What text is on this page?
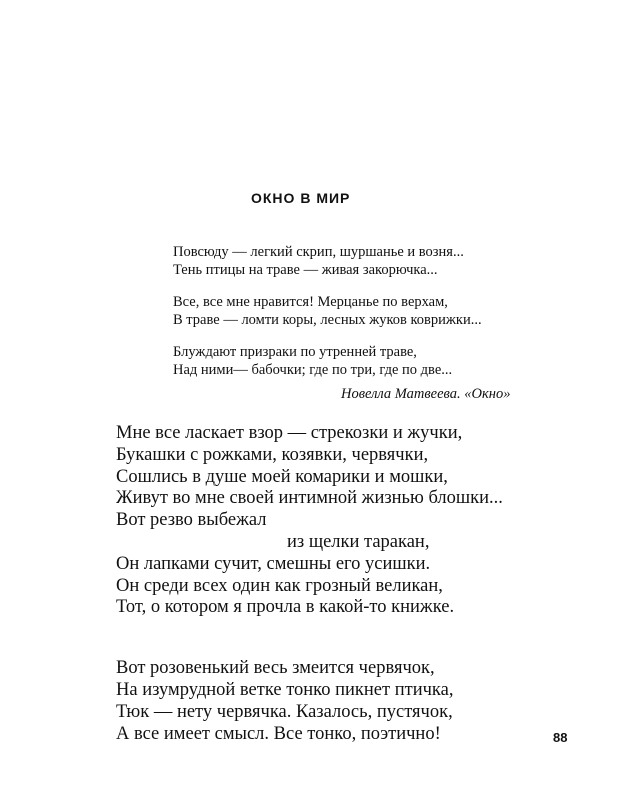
ОКНО В МИР
Повсюду — легкий скрип, шуршанье и возня...
Тень птицы на траве — живая закорючка...
Все, все мне нравится! Мерцанье по верхам,
В траве — ломти коры, лесных жуков коврижки...
Блуждают призраки по утренней траве,
Над ними— бабочки; где по три, где по две...
Новелла Матвеева. «Окно»
Мне все ласкает взор — стрекозки и жучки,
Букашки с рожками, козявки, червячки,
Сошлись в душе моей комарики и мошки,
Живут во мне своей интимной жизнью блошки...
Вот резво выбежал
из щелки таракан,
Он лапками сучит, смешны его усишки.
Он среди всех один как грозный великан,
Тот, о котором я прочла в какой-то книжке.
Вот розовенький весь змеится червячок,
На изумрудной ветке тонко пикнет птичка,
Тюк — нету червячка. Казалось, пустячок,
А все имеет смысл. Все тонко, поэтично!	88
